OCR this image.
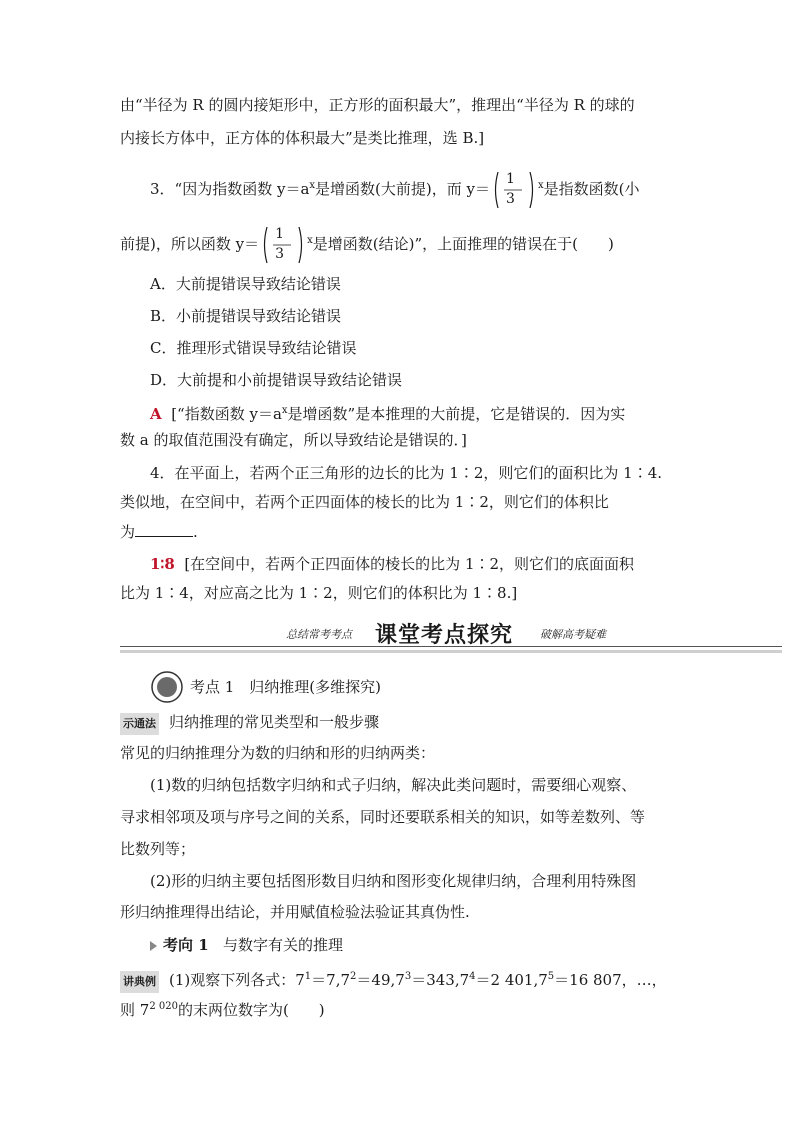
由“半径为 R 的圆内接矩形中，正方形的面积最大”，推理出“半径为 R 的球的
内接长方体中，正方体的体积最大”是类比推理，选 B.]
3．“因为指数函数 $y=a^x$是增函数(大前提)，而 y＝
1
3
$^x$是指数函数(小
前提)，所以函数 y＝
1
3
$^x$是增函数(结论)”，上面推理的错误在于(　　)
A．大前提错误导致结论错误
B．小前提错误导致结论错误
C．推理形式错误导致结论错误
D．大前提和小前提错误导致结论错误
A [“指数函数 $y=a^x$是增函数”是本推理的大前提，它是错误的．因为实
数 a 的取值范围没有确定，所以导致结论是错误的．]
4．在平面上，若两个正三角形的边长的比为 1∶2，则它们的面积比为 1∶4.
类似地，在空间中，若两个正四面体的棱长的比为 1∶2，则它们的体积比
为	.
1∶8 [在空间中，若两个正四面体的棱长的比为 1∶2，则它们的底面面积
比为 1∶4，对应高之比为 1∶2，则它们的体积比为 1∶8.]
总结常考考点 课堂考点探究 破解高考疑难
考点 1　归纳推理(多维探究)
示通法 归纳推理的常见类型和一般步骤
常见的归纳推理分为数的归纳和形的归纳两类：
(1)数的归纳包括数字归纳和式子归纳，解决此类问题时，需要细心观察、
寻求相邻项及项与序号之间的关系，同时还要联系相关的知识，如等差数列、等
比数列等；
(2)形的归纳主要包括图形数目归纳和图形变化规律归纳，合理利用特殊图
形归纳推理得出结论，并用赋值检验法验证其真伪性.
考向 1 与数字有关的推理
讲典例 (1)观察下列各式：$7^1=7,7^2=49,7^3=343,7^4=2$ $401,7^5=16$ 807，…，
则 $7^{2 020}$的末两位数字为(　　)
